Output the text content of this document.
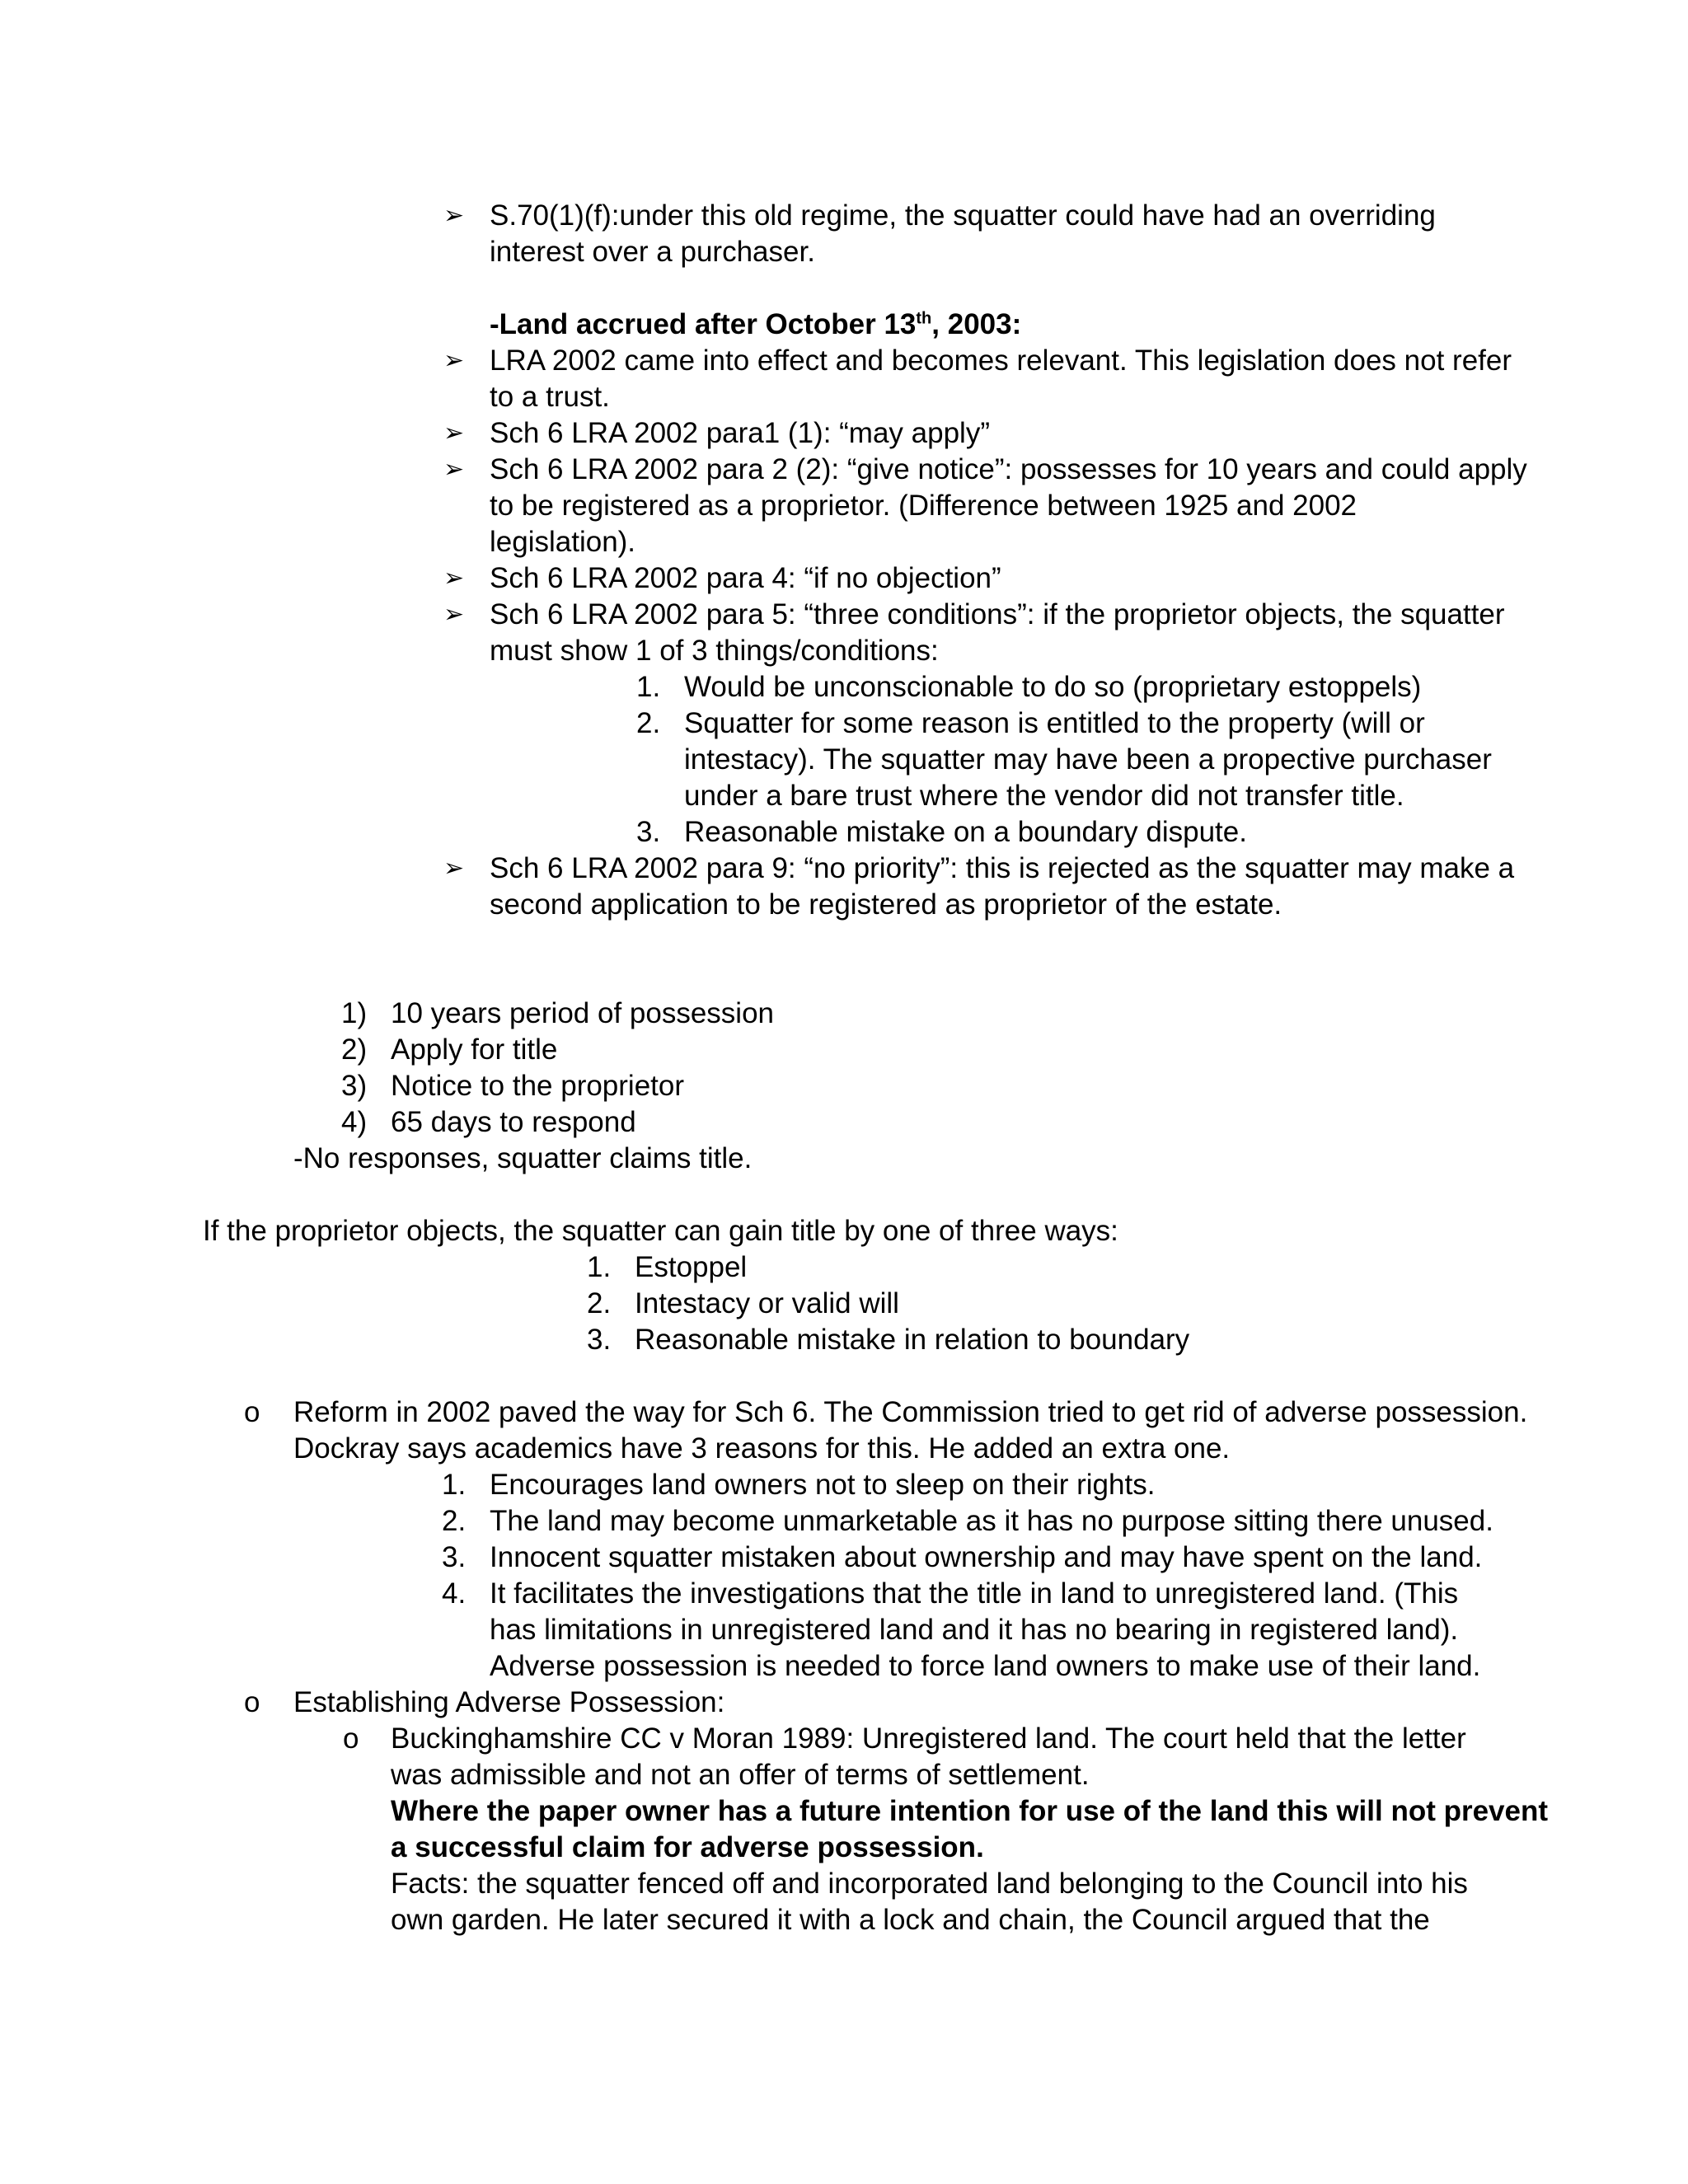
➢ S.70(1)(f):under this old regime, the squatter could have had an overriding
interest over a purchaser.
-Land accrued after October 13th, 2003:
➢ LRA 2002 came into effect and becomes relevant. This legislation does not refer
to a trust.
➢ Sch 6 LRA 2002 para1 (1): “may apply”
➢ Sch 6 LRA 2002 para 2 (2): “give notice”: possesses for 10 years and could apply
to be registered as a proprietor. (Difference between 1925 and 2002
legislation).
➢ Sch 6 LRA 2002 para 4: “if no objection”
➢ Sch 6 LRA 2002 para 5: “three conditions”: if the proprietor objects, the squatter
must show 1 of 3 things/conditions:
1. Would be unconscionable to do so (proprietary estoppels)
2. Squatter for some reason is entitled to the property (will or
intestacy). The squatter may have been a propective purchaser
under a bare trust where the vendor did not transfer title.
3. Reasonable mistake on a boundary dispute.
➢ Sch 6 LRA 2002 para 9: “no priority”: this is rejected as the squatter may make a
second application to be registered as proprietor of the estate.
1) 10 years period of possession
2) Apply for title
3) Notice to the proprietor
4) 65 days to respond
-No responses, squatter claims title.
If the proprietor objects, the squatter can gain title by one of three ways:
1. Estoppel
2. Intestacy or valid will
3. Reasonable mistake in relation to boundary
o Reform in 2002 paved the way for Sch 6. The Commission tried to get rid of adverse possession.
Dockray says academics have 3 reasons for this. He added an extra one.
1. Encourages land owners not to sleep on their rights.
2. The land may become unmarketable as it has no purpose sitting there unused.
3. Innocent squatter mistaken about ownership and may have spent on the land.
4. It facilitates the investigations that the title in land to unregistered land. (This
has limitations in unregistered land and it has no bearing in registered land).
Adverse possession is needed to force land owners to make use of their land.
o Establishing Adverse Possession:
o Buckinghamshire CC v Moran 1989: Unregistered land. The court held that the letter
was admissible and not an offer of terms of settlement.
Where the paper owner has a future intention for use of the land this will not prevent
a successful claim for adverse possession.
Facts: the squatter fenced off and incorporated land belonging to the Council into his
own garden. He later secured it with a lock and chain, the Council argued that the
